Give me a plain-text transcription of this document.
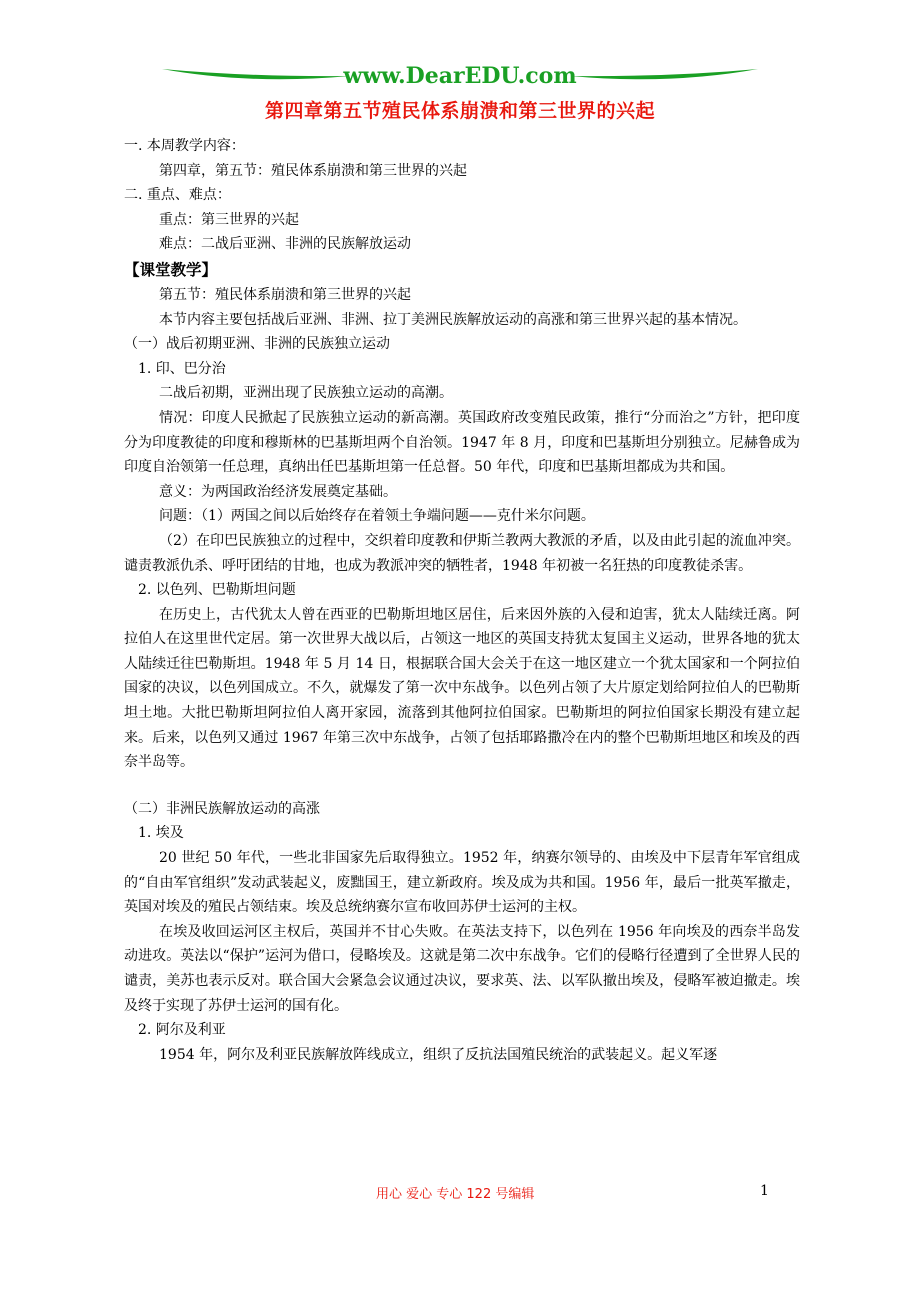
www.DearEDU.com
第四章第五节殖民体系崩溃和第三世界的兴起

一. 本周教学内容：

第四章，第五节：殖民体系崩溃和第三世界的兴起

二. 重点、难点：

重点：第三世界的兴起

难点：二战后亚洲、非洲的民族解放运动

【课堂教学】

第五节：殖民体系崩溃和第三世界的兴起

本节内容主要包括战后亚洲、非洲、拉丁美洲民族解放运动的高涨和第三世界兴起的基本情况。

（一）战后初期亚洲、非洲的民族独立运动

1. 印、巴分治

二战后初期，亚洲出现了民族独立运动的高潮。

情况：印度人民掀起了民族独立运动的新高潮。英国政府改变殖民政策，推行“分而治之”方针，把印度分为印度教徒的印度和穆斯林的巴基斯坦两个自治领。1947 年 8 月，印度和巴基斯坦分别独立。尼赫鲁成为印度自治领第一任总理，真纳出任巴基斯坦第一任总督。50 年代，印度和巴基斯坦都成为共和国。

意义：为两国政治经济发展奠定基础。

问题：（1）两国之间以后始终存在着领土争端问题——克什米尔问题。

（2）在印巴民族独立的过程中，交织着印度教和伊斯兰教两大教派的矛盾，以及由此引起的流血冲突。谴责教派仇杀、呼吁团结的甘地，也成为教派冲突的牺牲者，1948 年初被一名狂热的印度教徒杀害。

2. 以色列、巴勒斯坦问题

在历史上，古代犹太人曾在西亚的巴勒斯坦地区居住，后来因外族的入侵和迫害，犹太人陆续迁离。阿拉伯人在这里世代定居。第一次世界大战以后，占领这一地区的英国支持犹太复国主义运动，世界各地的犹太人陆续迁往巴勒斯坦。1948 年 5 月 14 日，根据联合国大会关于在这一地区建立一个犹太国家和一个阿拉伯国家的决议，以色列国成立。不久，就爆发了第一次中东战争。以色列占领了大片原定划给阿拉伯人的巴勒斯坦土地。大批巴勒斯坦阿拉伯人离开家园，流落到其他阿拉伯国家。巴勒斯坦的阿拉伯国家长期没有建立起来。后来，以色列又通过 1967 年第三次中东战争，占领了包括耶路撒冷在内的整个巴勒斯坦地区和埃及的西奈半岛等。

（二）非洲民族解放运动的高涨

1. 埃及

20 世纪 50 年代，一些北非国家先后取得独立。1952 年，纳赛尔领导的、由埃及中下层青年军官组成的“自由军官组织”发动武装起义，废黜国王，建立新政府。埃及成为共和国。1956 年，最后一批英军撤走，英国对埃及的殖民占领结束。埃及总统纳赛尔宣布收回苏伊士运河的主权。

在埃及收回运河区主权后，英国并不甘心失败。在英法支持下，以色列在 1956 年向埃及的西奈半岛发动进攻。英法以“保护”运河为借口，侵略埃及。这就是第二次中东战争。它们的侵略行径遭到了全世界人民的谴责，美苏也表示反对。联合国大会紧急会议通过决议，要求英、法、以军队撤出埃及，侵略军被迫撤走。埃及终于实现了苏伊士运河的国有化。

2. 阿尔及利亚

1954 年，阿尔及利亚民族解放阵线成立，组织了反抗法国殖民统治的武装起义。起义军逐

用心 爱心 专心 122 号编辑	1
